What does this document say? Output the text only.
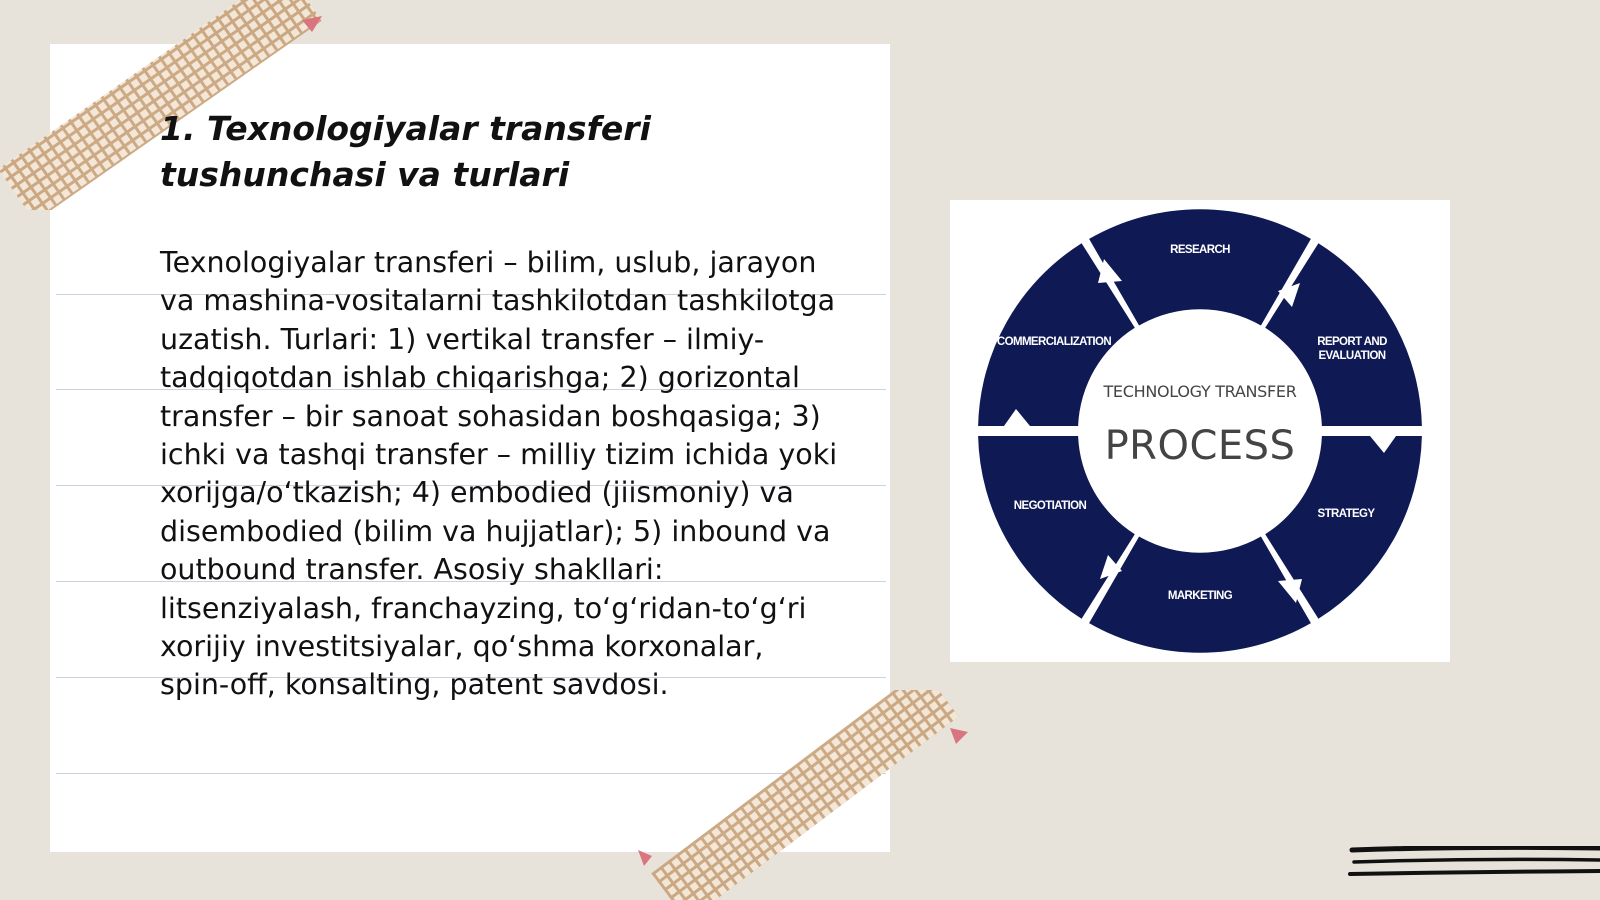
1. Texnologiyalar transferi tushunchasi va turlari

Texnologiyalar transferi – bilim, uslub, jarayon va mashina-vositalarni tashkilotdan tashkilotga uzatish. Turlari: 1) vertikal transfer – ilmiy-tadqiqotdan ishlab chiqarishga; 2) gorizontal transfer – bir sanoat sohasidan boshqasiga; 3) ichki va tashqi transfer – milliy tizim ichida yoki xorijga/oʻtkazish; 4) embodied (jiismoniy) va disembodied (bilim va hujjatlar); 5) inbound va outbound transfer. Asosiy shakllari: litsenziyalash, franchayzing, toʻgʻridan-toʻgʻri xorijiy investitsiyalar, qoʻshma korxonalar, spin-off, konsalting, patent savdosi.

RESEARCH
REPORT AND
EVALUATION
STRATEGY
MARKETING
NEGOTIATION
COMMERCIALIZATION
TECHNOLOGY TRANSFER
PROCESS
